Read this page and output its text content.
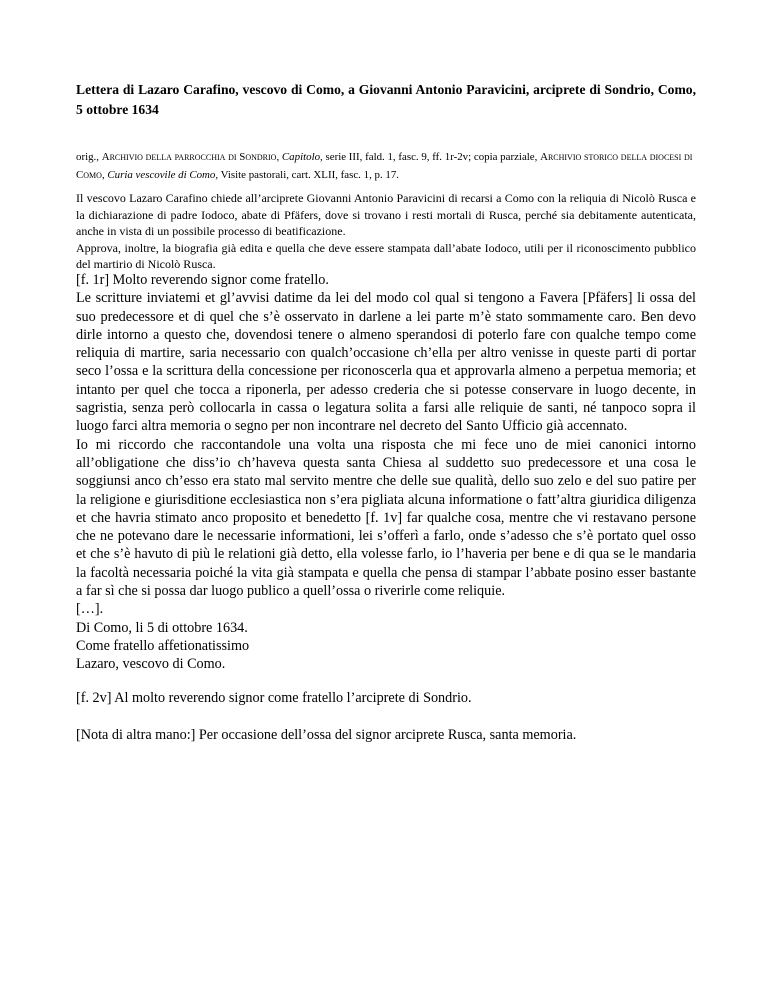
Lettera di Lazaro Carafino, vescovo di Como, a Giovanni Antonio Paravicini, arciprete di Sondrio, Como, 5 ottobre 1634

orig., Archivio della parrocchia di Sondrio, Capitolo, serie III, fald. 1, fasc. 9, ff. 1r-2v; copia parziale, Archivio storico della diocesi di Como, Curia vescovile di Como, Visite pastorali, cart. XLII, fasc. 1, p. 17.

Il vescovo Lazaro Carafino chiede all’arciprete Giovanni Antonio Paravicini di recarsi a Como con la reliquia di Nicolò Rusca e la dichiarazione di padre Iodoco, abate di Pfäfers, dove si trovano i resti mortali di Rusca, perché sia debitamente autenticata, anche in vista di un possibile processo di beatificazione.

Approva, inoltre, la biografia già edita e quella che deve essere stampata dall’abate Iodoco, utili per il riconoscimento pubblico del martirio di Nicolò Rusca.

[f. 1r] Molto reverendo signor come fratello.

Le scritture inviatemi et gl’avvisi datime da lei del modo col qual si tengono a Favera [Pfäfers] li ossa del suo predecessore et di quel che s’è osservato in darlene a lei parte m’è stato sommamente caro. Ben devo dirle intorno a questo che, dovendosi tenere o almeno sperandosi di poterlo fare con qualche tempo come reliquia di martire, saria necessario con qualch’occasione ch’ella per altro venisse in queste parti di portar seco l’ossa e la scrittura della concessione per riconoscerla qua et approvarla almeno a perpetua memoria; et intanto per quel che tocca a riponerla, per adesso crederia che si potesse conservare in luogo decente, in sagristia, senza però collocarla in cassa o legatura solita a farsi alle reliquie de santi, né tanpoco sopra il luogo farci altra memoria o segno per non incontrare nel decreto del Santo Ufficio già accennato.

Io mi riccordo che raccontandole una volta una risposta che mi fece uno de miei canonici intorno all’obligatione che diss’io ch’haveva questa santa Chiesa al suddetto suo predecessore et una cosa le soggiunsi anco ch’esso era stato mal servito mentre che delle sue qualità, dello suo zelo e del suo patire per la religione e giurisditione ecclesiastica non s’era pigliata alcuna informatione o fatt’altra giuridica diligenza et che havria stimato anco proposito et benedetto [f. 1v] far qualche cosa, mentre che vi restavano persone che ne potevano dare le necessarie informationi, lei s’offerì a farlo, onde s’adesso che s’è portato quel osso et che s’è havuto di più le relationi già detto, ella volesse farlo, io l’haveria per bene e di qua se le mandaria la facoltà necessaria poiché la vita già stampata e quella che pensa di stampar l’abbate posino esser bastante a far sì che si possa dar luogo publico a quell’ossa o riverirle come reliquie.

[…].

Di Como, li 5 di ottobre 1634.

Come fratello affetionatissimo

Lazaro, vescovo di Como.

[f. 2v] Al molto reverendo signor come fratello l’arciprete di Sondrio.

[Nota di altra mano:] Per occasione dell’ossa del signor arciprete Rusca, santa memoria.
